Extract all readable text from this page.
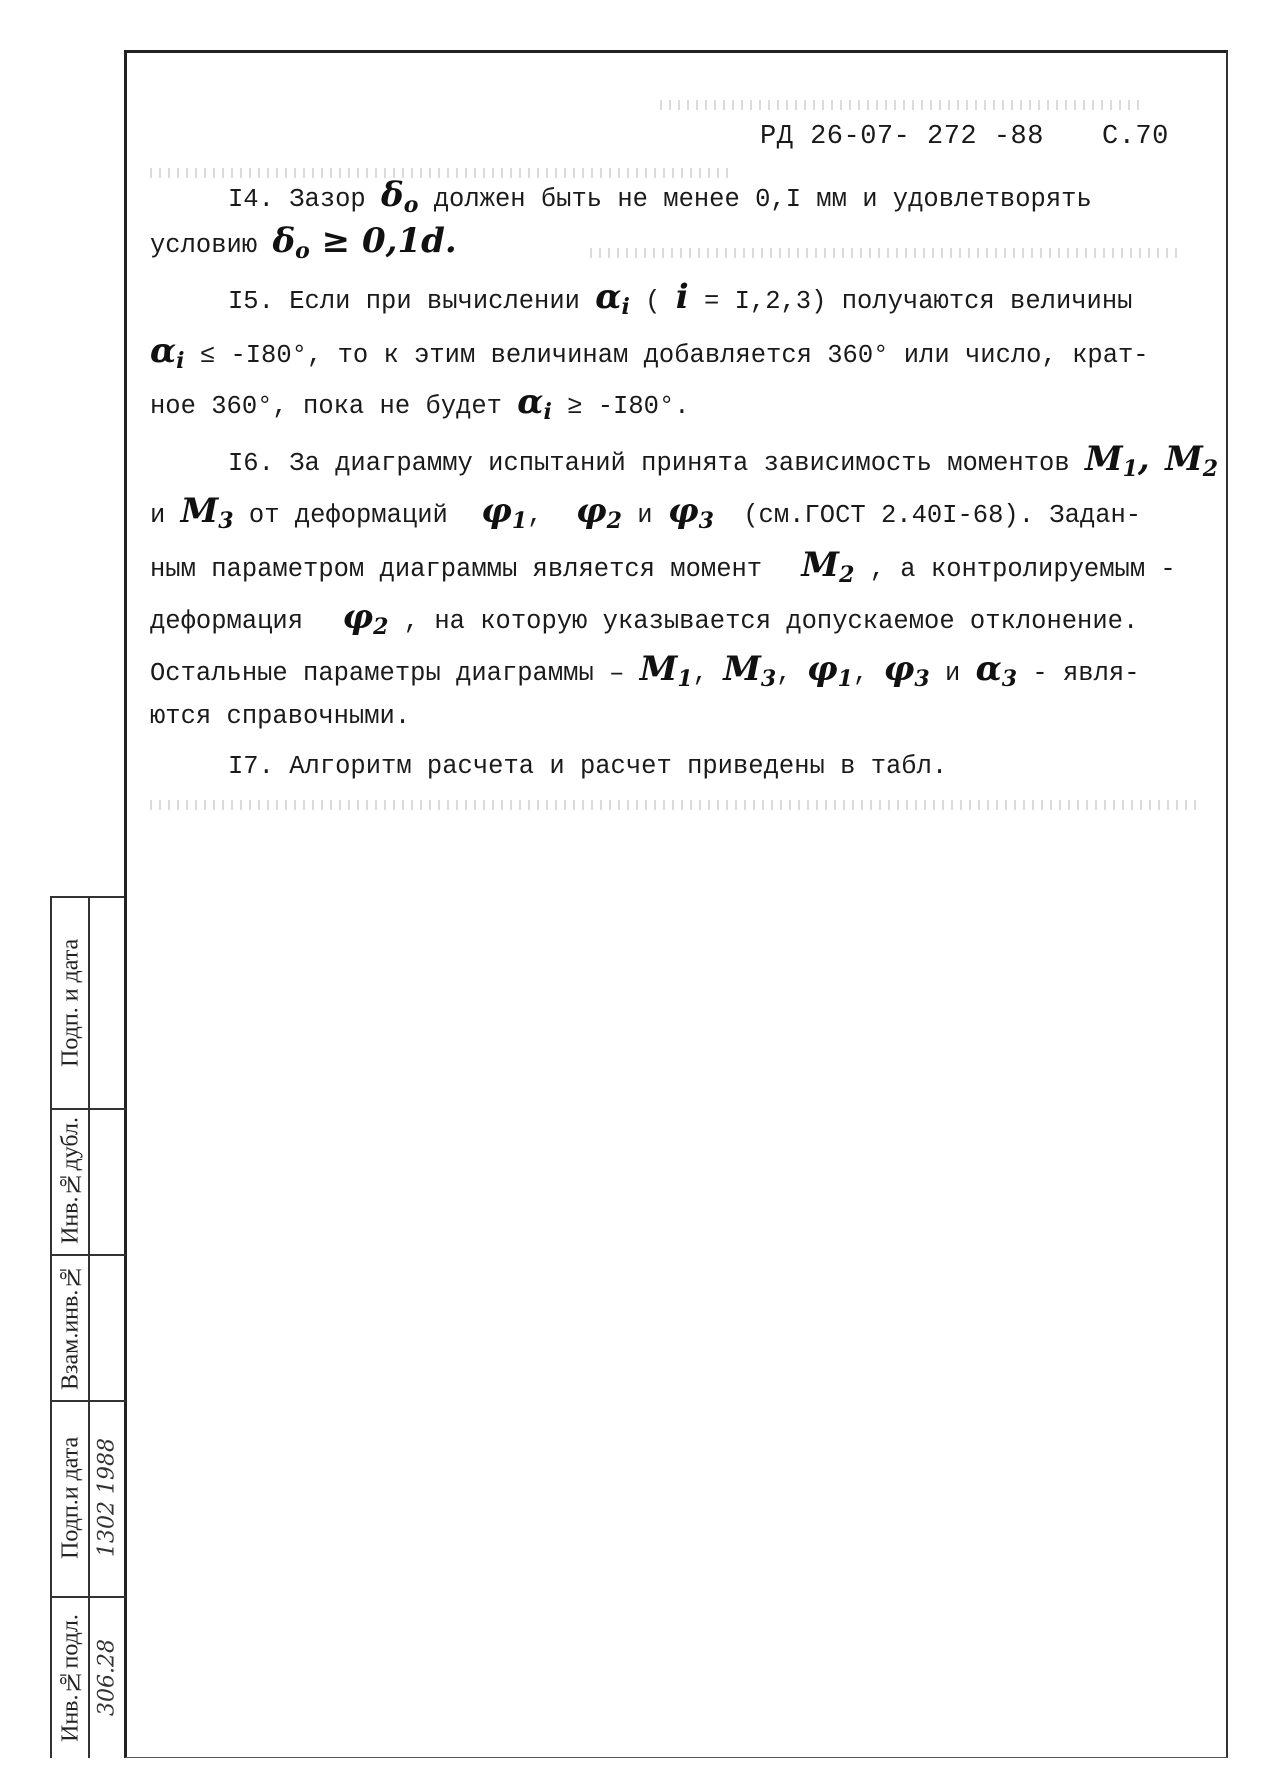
РД 26-07- 272 -88 С.70
I4. Зазор $\delta_о$ должен быть не менее 0,I мм и удовлетворять
условию $\delta_о \ge 0,1d$.
I5. Если при вычислении $\alpha_i$ ( i = I,2,3) получаются величины
$\alpha_i \le -I80^\circ$, то к этим величинам добавляется 360° или число, крат-
ное 360°, пока не будет $\alpha_i \ge -I80^\circ$.
I6. За диаграмму испытаний принята зависимость моментов $M_1$, $M_2$
и $M_3$ от деформаций $\varphi_1$, $\varphi_2$ и $\varphi_3$ (см.ГОСТ 2.40I-68). Задан-
ным параметром диаграммы является момент $M_2$ , а контролируемым -
деформация $\varphi_2$ , на которую указывается допускаемое отклонение.
Остальные параметры диаграммы – $M_1$, $M_3$, $\varphi_1$, $\varphi_3$ и $\alpha_3$ - явля-
ются справочными.
I7. Алгоритм расчета и расчет приведены в табл.
Подп. и дата
Инв.№дубл.
Взам.инв.№
Подп.и дата
Инв.№подл.
1302 1988
306.28
